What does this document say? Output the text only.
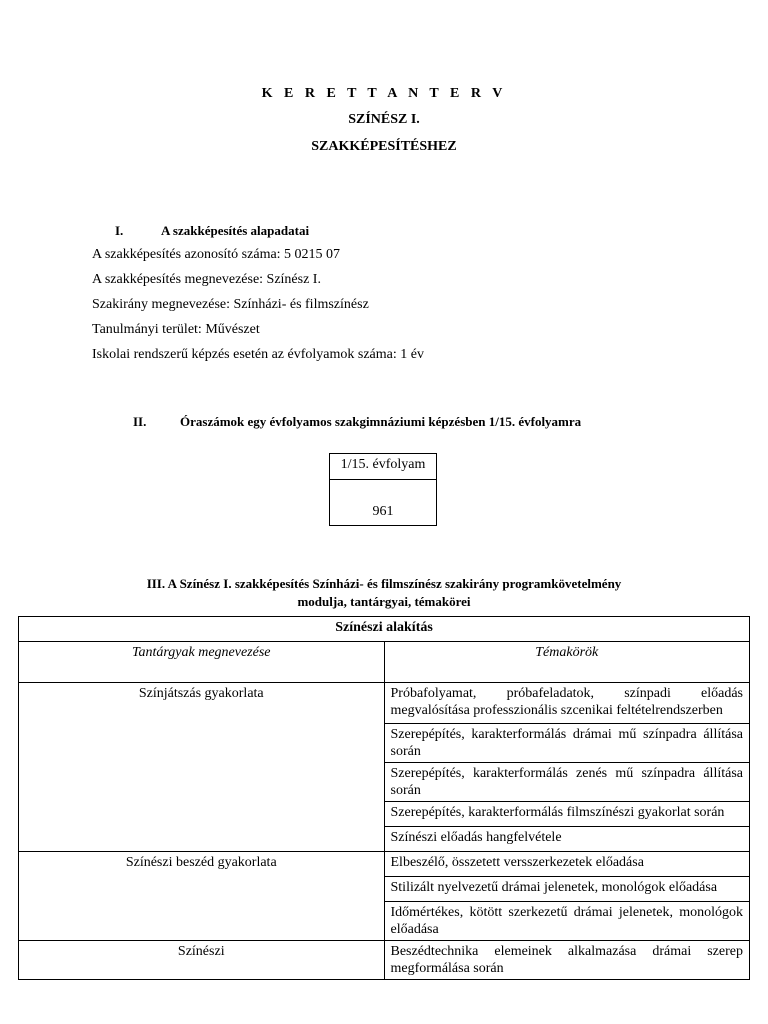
K E R E T T A N T E R V
SZÍNÉSZ I.
SZAKKÉPESÍTÉSHEZ
I.	A szakképesítés alapadatai
A szakképesítés azonosító száma: 5 0215 07
A szakképesítés megnevezése: Színész I.
Szakirány megnevezése: Színházi- és filmszínész
Tanulmányi terület: Művészet
Iskolai rendszerű képzés esetén az évfolyamok száma: 1 év
II.	Óraszámok egy évfolyamos szakgimnáziumi képzésben 1/15. évfolyamra
1/15. évfolyam
961
III. A Színész I. szakképesítés Színházi- és filmszínész szakirány programkövetelmény
modulja, tantárgyai, témakörei
Színészi alakítás	
Tantárgyak megnevezése	Témakörök
Színjátszás gyakorlata	Próbafolyamat, próbafeladatok, színpadi előadás megvalósítása professzionális szcenikai feltételrendszerben
	Szerepépítés, karakterformálás drámai mű színpadra állítása során
	Szerepépítés, karakterformálás zenés mű színpadra állítása során
	Szerepépítés, karakterformálás filmszínészi gyakorlat során
	Színészi előadás hangfelvétele
Színészi beszéd gyakorlata	Elbeszélő, összetett versszerkezetek előadása
	Stilizált nyelvezetű drámai jelenetek, monológok előadása
	Időmértékes, kötött szerkezetű drámai jelenetek, monológok előadása
Színészi	Beszédtechnika elemeinek alkalmazása drámai szerep megformálása során
